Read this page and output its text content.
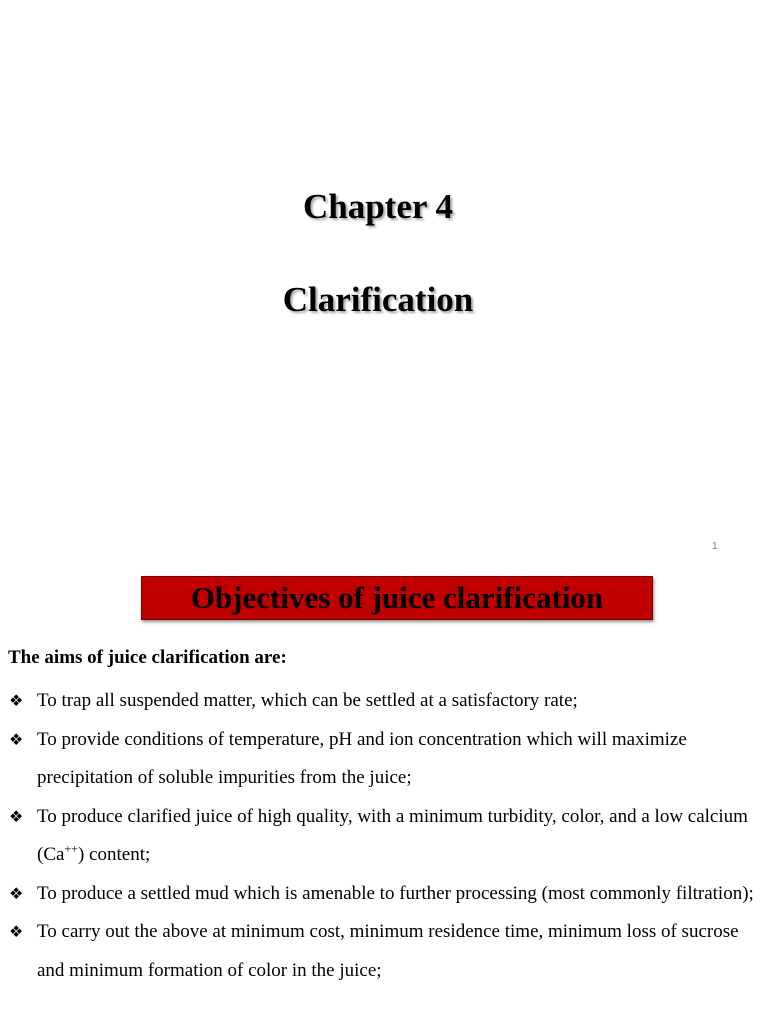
Chapter 4
Clarification
1
Objectives of juice clarification

The aims of juice clarification are:

❖ To trap all suspended matter, which can be settled at a satisfactory rate;
❖ To provide conditions of temperature, pH and ion concentration which will maximize precipitation of soluble impurities from the juice;
❖ To produce clarified juice of high quality, with a minimum turbidity, color, and a low calcium (Ca++) content;
❖ To produce a settled mud which is amenable to further processing (most commonly filtration);
❖ To carry out the above at minimum cost, minimum residence time, minimum loss of sucrose and minimum formation of color in the juice;
